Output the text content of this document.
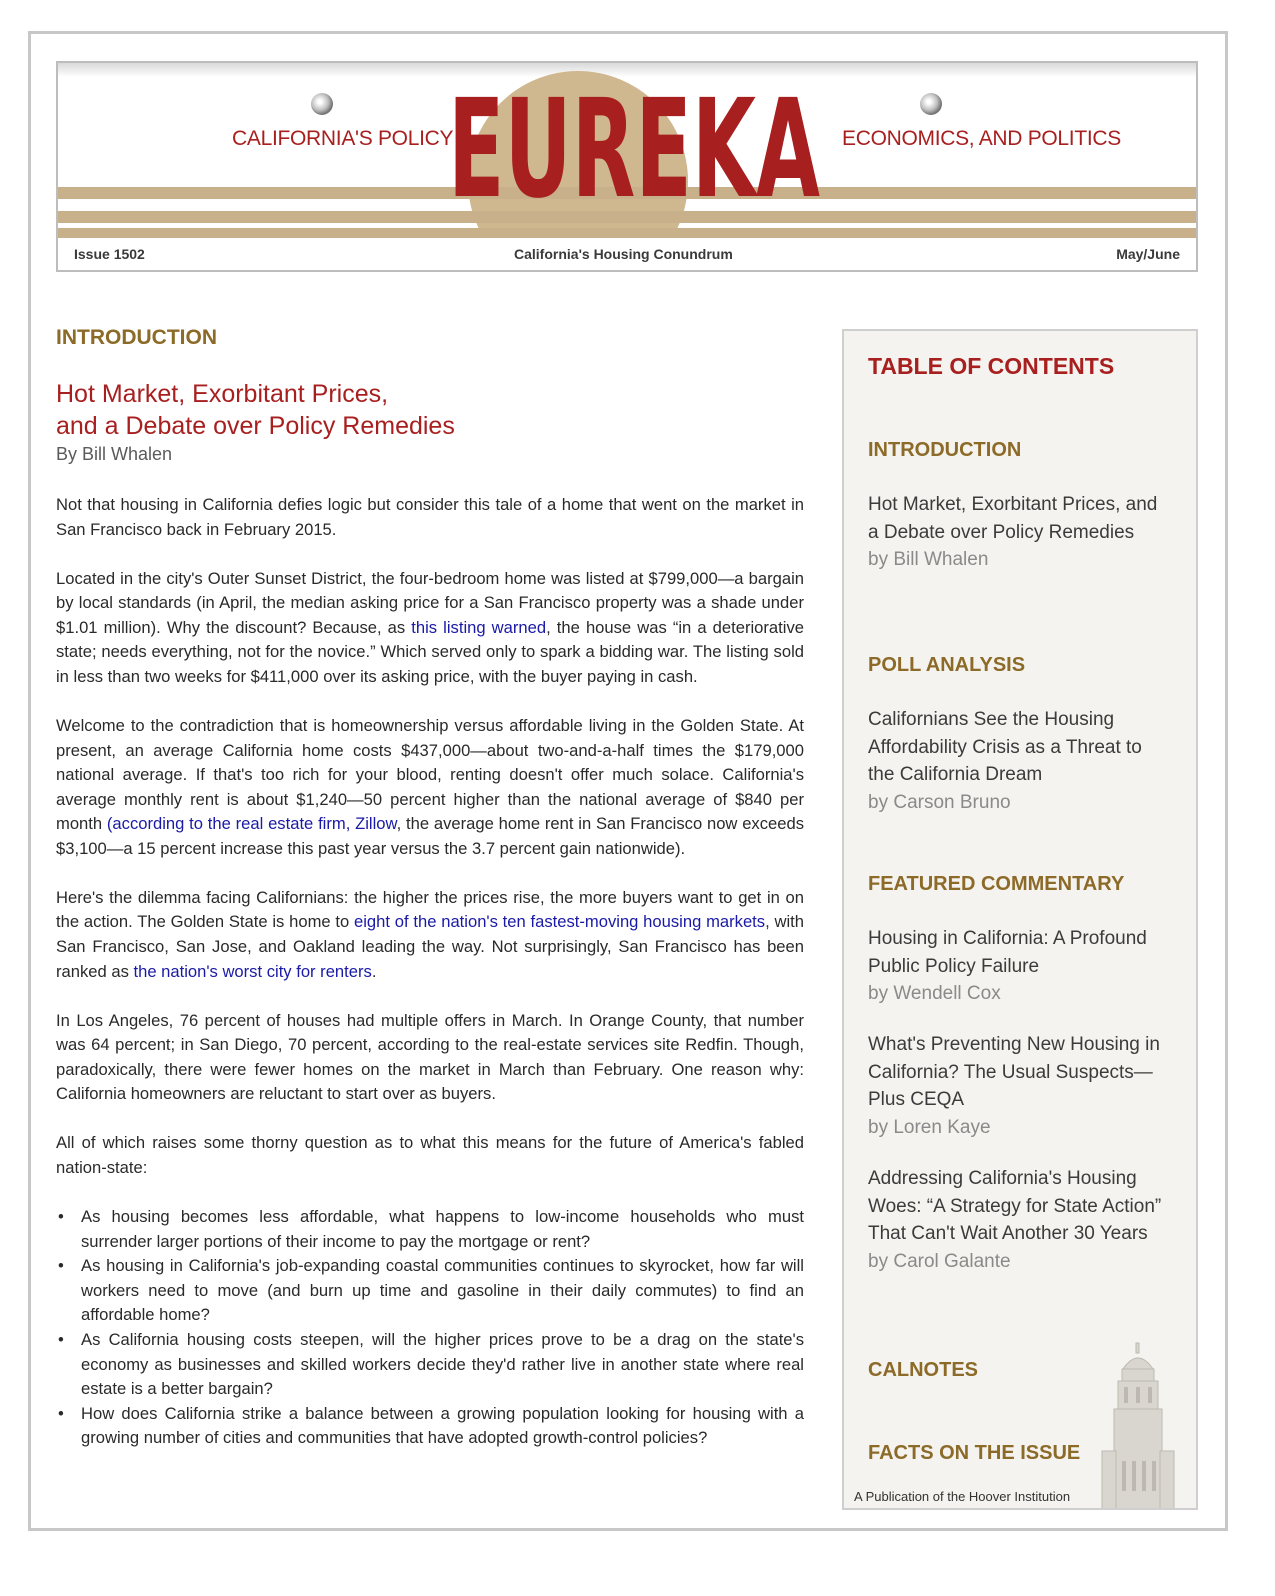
CALIFORNIA'S POLICY
EUREKA ECONOMICS, AND POLITICS
Issue 1502	California's Housing Conundrum	May/June
INTRODUCTION
Hot Market, Exorbitant Prices,
and a Debate over Policy Remedies
By Bill Whalen

Not that housing in California defies logic but consider this tale of a home that went on the market in San Francisco back in February 2015.

Located in the city's Outer Sunset District, the four-bedroom home was listed at $799,000—a bargain by local standards (in April, the median asking price for a San Francisco property was a shade under $1.01 million). Why the discount? Because, as this listing warned, the house was “in a deteriorative state; needs everything, not for the novice.” Which served only to spark a bidding war. The listing sold in less than two weeks for $411,000 over its asking price, with the buyer paying in cash.

Welcome to the contradiction that is homeownership versus affordable living in the Golden State. At present, an average California home costs $437,000—about two-and-a-half times the $179,000 national average. If that's too rich for your blood, renting doesn't offer much solace. California's average monthly rent is about $1,240—50 percent higher than the national average of $840 per month (according to the real estate firm, Zillow, the average home rent in San Francisco now exceeds $3,100—a 15 percent increase this past year versus the 3.7 percent gain nationwide).

Here's the dilemma facing Californians: the higher the prices rise, the more buyers want to get in on the action. The Golden State is home to eight of the nation's ten fastest-moving housing markets, with San Francisco, San Jose, and Oakland leading the way. Not surprisingly, San Francisco has been ranked as the nation's worst city for renters.

In Los Angeles, 76 percent of houses had multiple offers in March. In Orange County, that number was 64 percent; in San Diego, 70 percent, according to the real-estate services site Redfin. Though, paradoxically, there were fewer homes on the market in March than February. One reason why: California homeowners are reluctant to start over as buyers.

All of which raises some thorny question as to what this means for the future of America's fabled nation-state:

• As housing becomes less affordable, what happens to low-income households who must surrender larger portions of their income to pay the mortgage or rent?
• As housing in California's job-expanding coastal communities continues to skyrocket, how far will workers need to move (and burn up time and gasoline in their daily commutes) to find an affordable home?
• As California housing costs steepen, will the higher prices prove to be a drag on the state's economy as businesses and skilled workers decide they'd rather live in another state where real estate is a better bargain?
• How does California strike a balance between a growing population looking for housing with a growing number of cities and communities that have adopted growth-control policies?
TABLE OF CONTENTS
INTRODUCTION
Hot Market, Exorbitant Prices, and a Debate over Policy Remedies
by Bill Whalen
POLL ANALYSIS
Californians See the Housing Affordability Crisis as a Threat to the California Dream
by Carson Bruno
FEATURED COMMENTARY
Housing in California: A Profound Public Policy Failure
by Wendell Cox
What's Preventing New Housing in California? The Usual Suspects—Plus CEQA
by Loren Kaye
Addressing California's Housing Woes: “A Strategy for State Action” That Can't Wait Another 30 Years
by Carol Galante
CALNOTES
FACTS ON THE ISSUE
A Publication of the Hoover Institution
